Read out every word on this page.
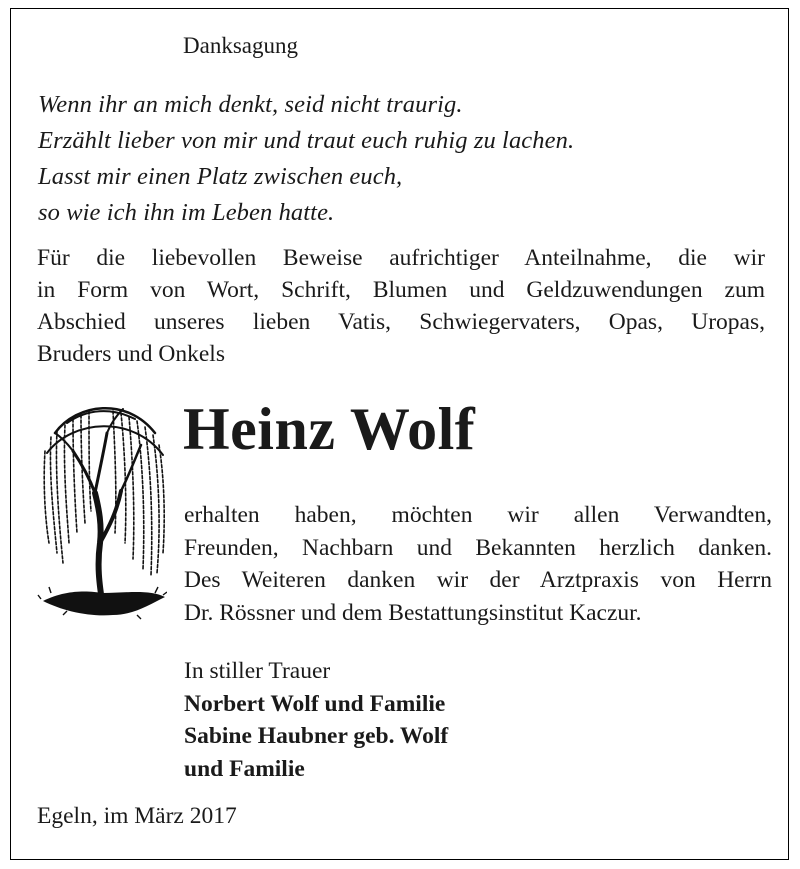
Danksagung
Wenn ihr an mich denkt, seid nicht traurig.
Erzählt lieber von mir und traut euch ruhig zu lachen.
Lasst mir einen Platz zwischen euch,
so wie ich ihn im Leben hatte.
Für die liebevollen Beweise aufrichtiger Anteilnahme, die wir
in Form von Wort, Schrift, Blumen und Geldzuwendungen zum
Abschied unseres lieben Vatis, Schwiegervaters, Opas, Uropas,
Bruders und Onkels
Heinz Wolf
erhalten haben, möchten wir allen Verwandten,
Freunden, Nachbarn und Bekannten herzlich danken.
Des Weiteren danken wir der Arztpraxis von Herrn
Dr. Rössner und dem Bestattungsinstitut Kaczur.
In stiller Trauer
Norbert Wolf und Familie
Sabine Haubner geb. Wolf
und Familie
Egeln, im März 2017
